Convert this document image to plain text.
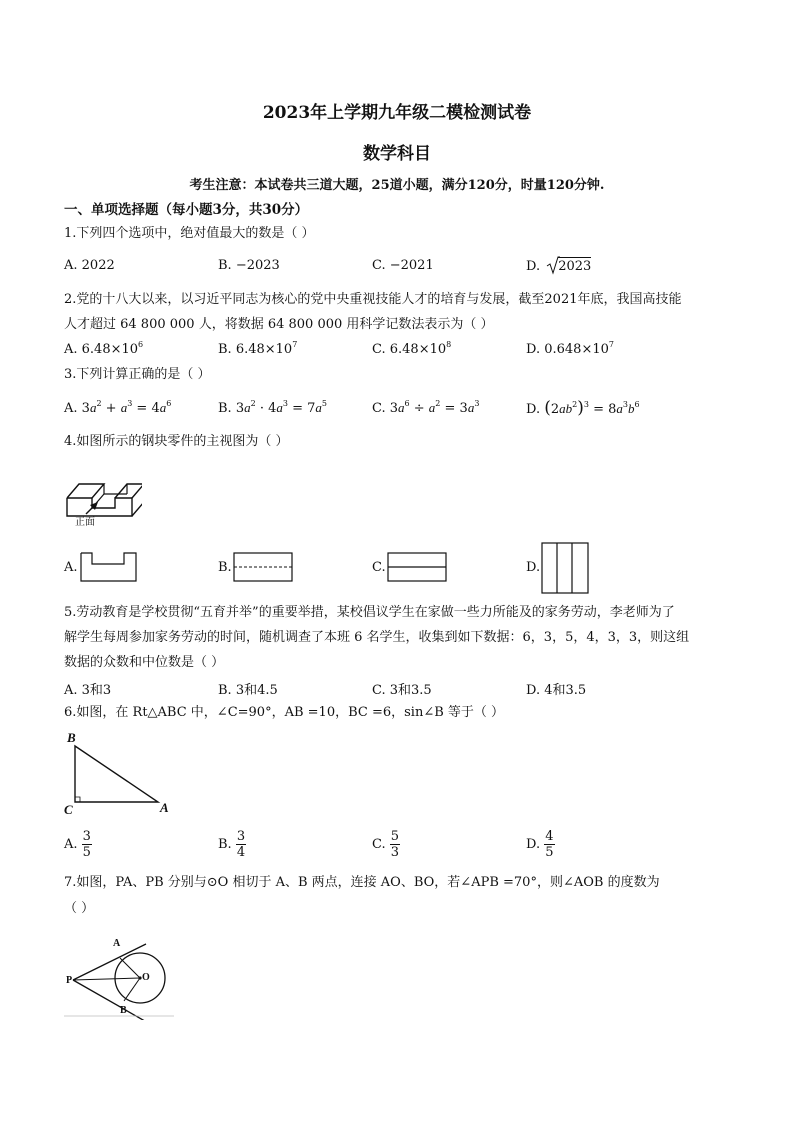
2023年上学期九年级二模检测试卷
数学科目
考生注意：本试卷共三道大题，25道小题，满分120分，时量120分钟.
一、单项选择题（每小题3分，共30分）
1.下列四个选项中，绝对值最大的数是（ ）
A. 2022	B. −2023	C. −2021	D. 2023
2.党的十八大以来，以习近平同志为核心的党中央重视技能人才的培育与发展，截至2021年底，我国高技能
人才超过 64 800 000 人，将数据 64 800 000 用科学记数法表示为（ ）
A. $6.48\times 10^6$	B. $6.48\times 10^7$	C. $6.48\times 10^8$	D. $0.648\times 10^7$
3.下列计算正确的是（ ）
A. $3a^2 + a^3 = 4a^6$	B. $3a^2 \cdot 4a^3 = 7a^5$	C. $3a^6 \div a^2 = 3a^3$	D. $(2ab^2)^3 = 8a^3b^6$
4.如图所示的钢块零件的主视图为（ ）
正面
A.	B.	C.	D.
5.劳动教育是学校贯彻“五育并举”的重要举措，某校倡议学生在家做一些力所能及的家务劳动，李老师为了
解学生每周参加家务劳动的时间，随机调查了本班 6 名学生，收集到如下数据：6，3，5，4，3，3，则这组
数据的众数和中位数是（ ）
A. 3和3	B. 3和4.5	C. 3和3.5	D. 4和3.5
6.如图，在 Rt△ABC 中，∠C=90°，AB =10，BC =6，sin∠B 等于（ ）
B
C	A
A. $\frac{3}{5}$	B. $\frac{3}{4}$	C. $\frac{5}{3}$	D. $\frac{4}{5}$
7.如图，PA、PB 分别与⊙O 相切于 A、B 两点，连接 AO、BO，若∠APB =70°，则∠AOB 的度数为
（ ）
A
P	O
B
